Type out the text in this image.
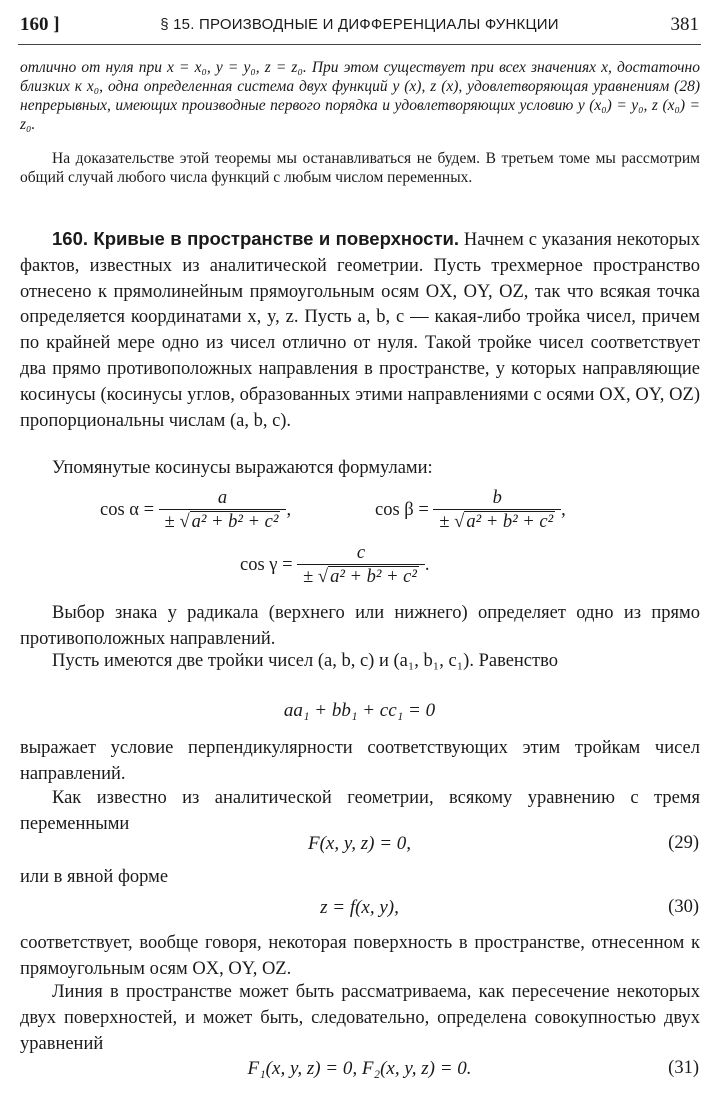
160 ]	§ 15. ПРОИЗВОДНЫЕ И ДИФФЕРЕНЦИАЛЫ ФУНКЦИИ	381
отлично от нуля при x = x₀, y = y₀, z = z₀. При этом существует при всех значениях x, достаточно близких к x₀, одна определенная система двух функций y (x), z (x), удовлетворяющая уравнениям (28) непрерывных, имеющих производные первого порядка и удовлетворяющих условию y (x₀) = y₀, z (x₀) = z₀.
На доказательстве этой теоремы мы останавливаться не будем. В третьем томе мы рассмотрим общий случай любого числа функций с любым числом переменных.
160. Кривые в пространстве и поверхности. Начнем с указания некоторых фактов, известных из аналитической геометрии. Пусть трехмерное пространство отнесено к прямолинейным прямоугольным осям OX, OY, OZ, так что всякая точка определяется координатами x, y, z. Пусть a, b, c — какая-либо тройка чисел, причем по крайней мере одно из чисел отлично от нуля. Такой тройке чисел соответствует два прямо противоположных направления в пространстве, у которых направляющие косинусы (косинусы углов, образованных этими направлениями с осями OX, OY, OZ) пропорциональны числам (a, b, c).
Упомянутые косинусы выражаются формулами:
$\cos \alpha = \frac{a}{\text{± √ a² + b² + c²}}$ ,	$\cos \beta = \frac{b}{\text{± √ a² + b² + c²}}$ ,
$\cos \gamma = \frac{c}{\text{± √ a² + b² + c²}}$ .
Выбор знака у радикала (верхнего или нижнего) определяет одно из прямо противоположных направлений.
Пусть имеются две тройки чисел (a, b, c) и (a₁, b₁, c₁). Равенство
aa₁ + bb₁ + cc₁ = 0
выражает условие перпендикулярности соответствующих этим тройкам чисел направлений.
Как известно из аналитической геометрии, всякому уравнению с тремя переменными
F(x, y, z) = 0,	(29)
или в явной форме
z = f(x, y),	(30)
соответствует, вообще говоря, некоторая поверхность в пространстве, отнесенном к прямоугольным осям OX, OY, OZ.
Линия в пространстве может быть рассматриваема, как пересечение некоторых двух поверхностей, и может быть, следовательно, определена совокупностью двух уравнений
F₁(x, y, z) = 0, F₂(x, y, z) = 0.	(31)
